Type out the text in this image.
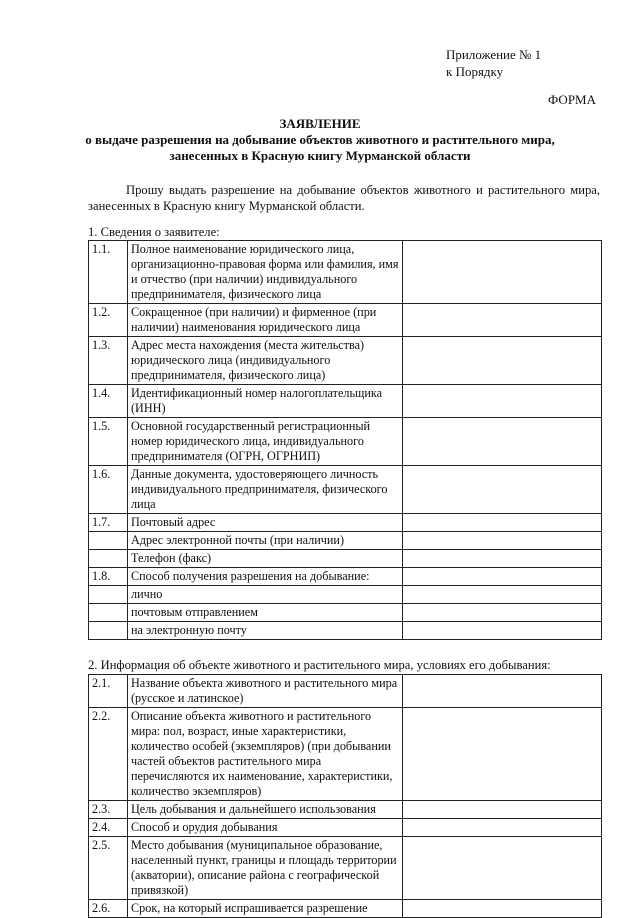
Приложение № 1
к Порядку
ФОРМА
ЗАЯВЛЕНИЕ
о выдаче разрешения на добывание объектов животного и растительного мира,
занесенных в Красную книгу Мурманской области
Прошу выдать разрешение на добывание объектов животного и растительного мира, занесенных в Красную книгу Мурманской области.
1. Сведения о заявителе:
1.1.	Полное наименование юридического лица, организационно-правовая форма или фамилия, имя и отчество (при наличии) индивидуального предпринимателя, физического лица	
1.2.	Сокращенное (при наличии) и фирменное (при наличии) наименования юридического лица	
1.3.	Адрес места нахождения (места жительства) юридического лица (индивидуального предпринимателя, физического лица)	
1.4.	Идентификационный номер налогоплательщика (ИНН)	
1.5.	Основной государственный регистрационный номер юридического лица, индивидуального предпринимателя (ОГРН, ОГРНИП)	
1.6.	Данные документа, удостоверяющего личность индивидуального предпринимателя, физического лица	
1.7.	Почтовый адрес	
	Адрес электронной почты (при наличии)	
	Телефон (факс)	
1.8.	Способ получения разрешения на добывание:	
	лично	
	почтовым отправлением	
	на электронную почту	
2. Информация об объекте животного и растительного мира, условиях его добывания:
2.1.	Название объекта животного и растительного мира (русское и латинское)	
2.2.	Описание объекта животного и растительного мира: пол, возраст, иные характеристики, количество особей (экземпляров) (при добывании частей объектов растительного мира перечисляются их наименование, характеристики, количество экземпляров)	
2.3.	Цель добывания и дальнейшего использования	
2.4.	Способ и орудия добывания	
2.5.	Место добывания (муниципальное образование, населенный пункт, границы и площадь территории (акватории), описание района с географической привязкой)	
2.6.	Срок, на который испрашивается разрешение	
